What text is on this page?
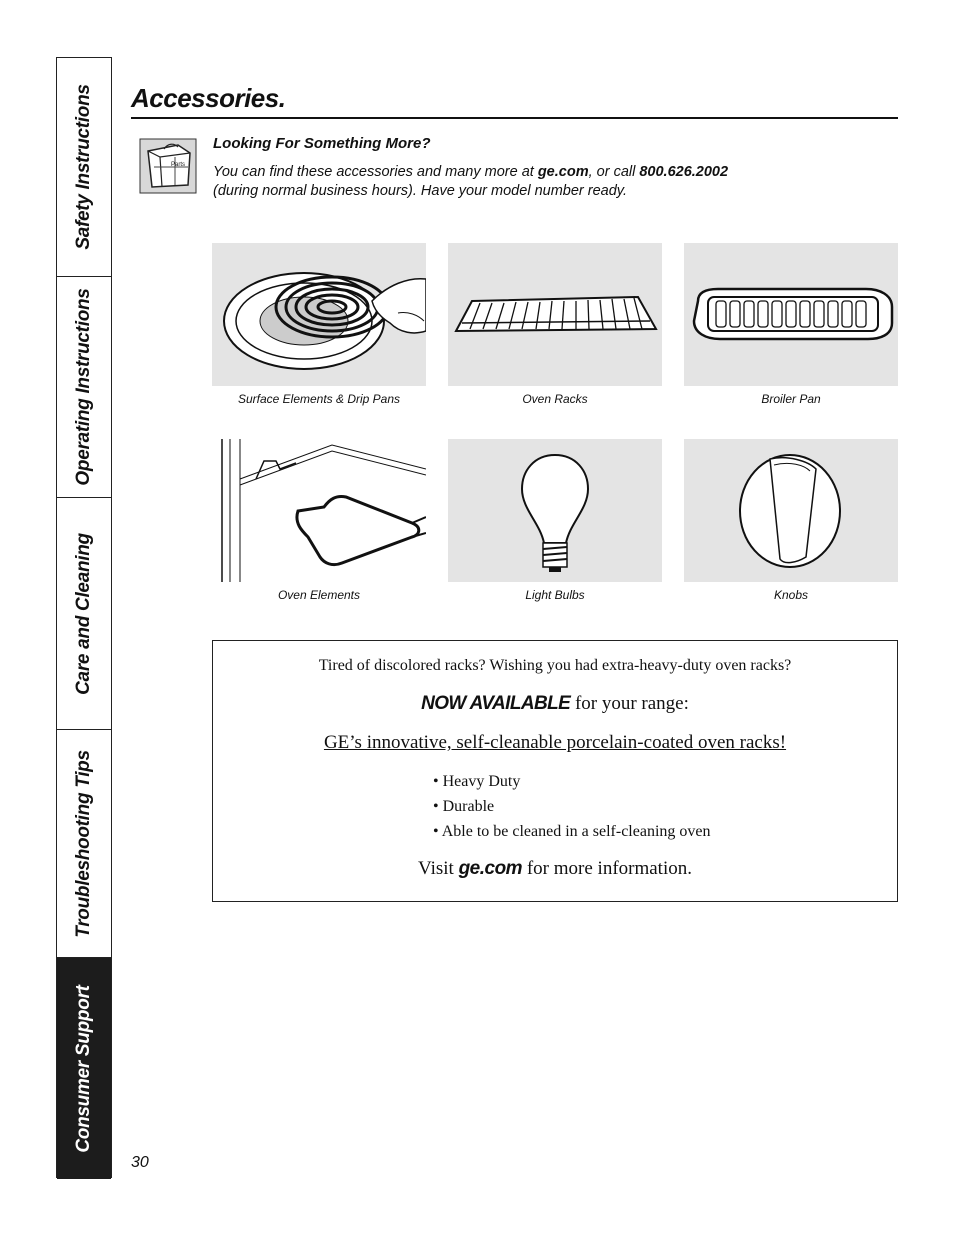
Safety Instructions
Operating Instructions
Care and Cleaning
Troubleshooting Tips
Consumer Support
Accessories.
Parts
Looking For Something More?
You can find these accessories and many more at ge.com, or call 800.626.2002
(during normal business hours). Have your model number ready.
Surface Elements & Drip Pans	Oven Racks	Broiler Pan
Oven Elements	Light Bulbs	Knobs
Tired of discolored racks? Wishing you had extra-heavy-duty oven racks?
NOW AVAILABLE for your range:
GE’s innovative, self-cleanable porcelain-coated oven racks!
• Heavy Duty
• Durable
• Able to be cleaned in a self-cleaning oven
Visit ge.com for more information.
30
